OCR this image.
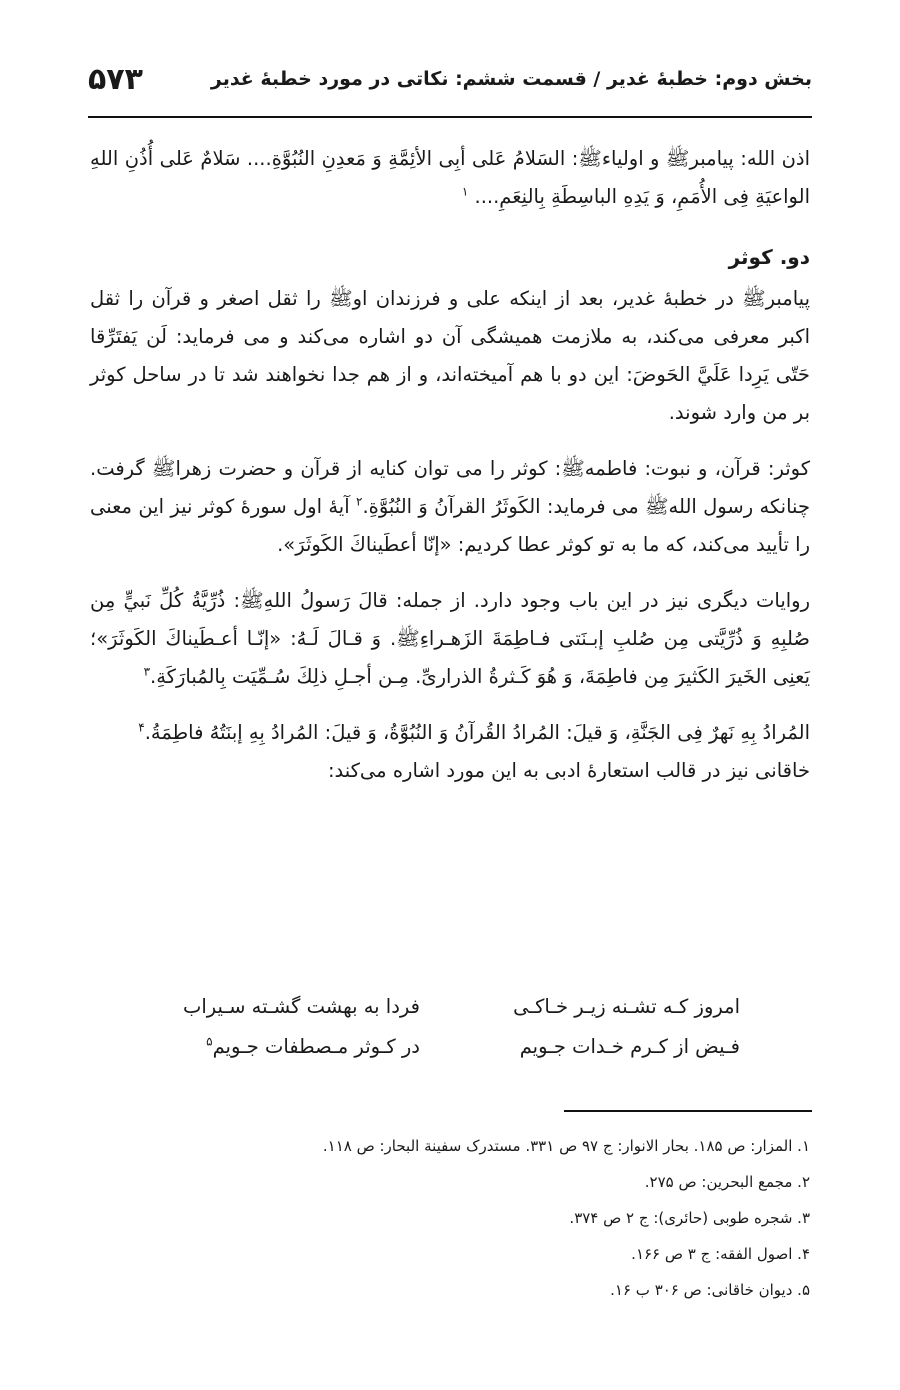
بخش دوم: خطبهٔ غدیر / قسمت ششم: نکاتی در مورد خطبهٔ غدیر
۵۷۳

اذن الله: پیامبرﷺ و اولیاءﷺ: السَلامُ عَلى أبِى الأئِمَّةِ وَ مَعدِنِ النُبُوَّةِ.... سَلامٌ عَلى أُذُنِ اللهِ الواعيَةِ فِى الأُمَمِ، وَ يَدِهِ الباسِطَةِ بِالنِعَمِ.... $^۱$

دو. کوثر

پیامبرﷺ در خطبهٔ غدیر، بعد از اینکه علی و فرزندان اوﷺ را ثقل اصغر و قرآن را ثقل اکبر معرفی می‌کند، به ملازمت همیشگی آن دو اشاره می‌کند و می فرماید: لَن يَفتَرِّقا حَتّى يَرِدا عَلَيَّ الحَوضَ: این دو با هم آمیخته‌اند، و از هم جدا نخواهند شد تا در ساحل کوثر بر من وارد شوند.

کوثر: قرآن، و نبوت: فاطمهﷺ: کوثر را می توان کنایه از قرآن و حضرت زهراﷺ گرفت. چنانکه رسول اللهﷺ می فرماید: الكَوثَرُ القرآنُ وَ النُبُوَّةِ.$^۲$ آیهٔ اول سورهٔ کوثر نیز این معنی را تأیید می‌کند، که ما به تو کوثر عطا کردیم: «إنّا أعطَيناكَ الكَوثَرَ».

روایات دیگری نیز در این باب وجود دارد. از جمله: قالَ رَسولُ اللهِﷺ: ذُرِّيَّةُ كُلِّ نَبيٍّ مِن صُلبِهِ وَ ذُرِّيَّتى مِن صُلبِ إبـنَتى فـاطِمَةَ الزَهـراءِﷺ. وَ قـالَ لَـهُ: «إنّـا أعـطَيناكَ الكَوثَرَ»؛ يَعنِى الخَيرَ الكَثيرَ مِن فاطِمَةَ، وَ هُوَ كَـثرةُ الذرارىِّ. مِـن أجـلِ ذلِكَ سُـمِّيَت بِالمُبارَكَةِ.$^۳$

المُرادُ بِهِ نَهرٌ فِى الجَنَّةِ، وَ قيلَ: المُرادُ القُرآنُ وَ النُبُوَّةُ، وَ قيلَ: المُرادُ بِهِ إبنَتُهُ فاطِمَةُ.$^۴$
خاقانی نیز در قالب استعارهٔ ادبی به این مورد اشاره می‌کند:

امروز کـه تشـنه زیـر خـاکـی
فردا به بهشت گشـته سـیراب
فـیض از کـرم خـدات جـویم
در کـوثر مـصطفات جـویم$^۵$
۱. المزار: ص ۱۸۵. بحار الانوار: ج ۹۷ ص ۳۳۱. مستدرک سفینة البحار: ص ۱۱۸.
۲. مجمع البحرین: ص ۲۷۵.
۳. شجره طوبی (حائری): ج ۲ ص ۳۷۴.
۴. اصول الفقه: ج ۳ ص ۱۶۶.
۵. دیوان خاقانی: ص ۳۰۶ ب ۱۶.
